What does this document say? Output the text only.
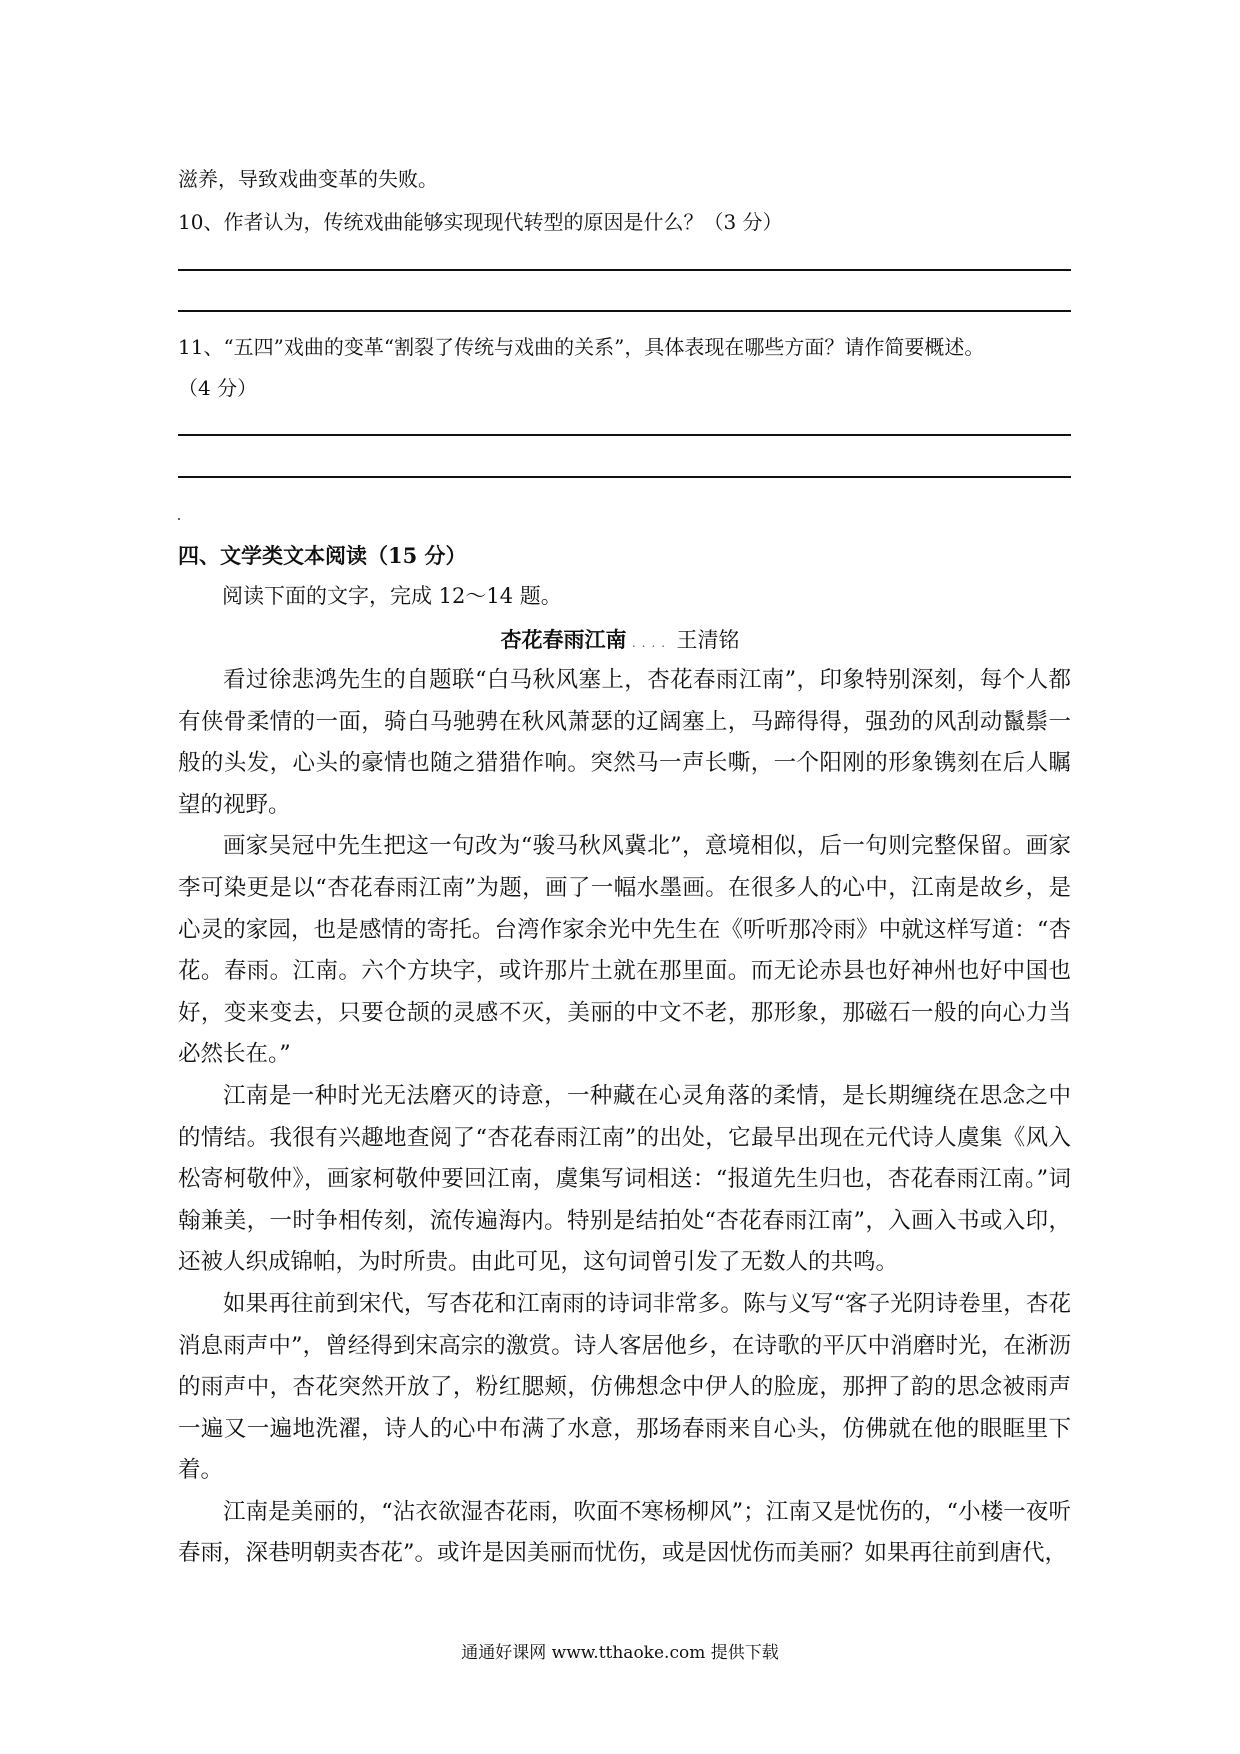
滋养，导致戏曲变革的失败。
10、作者认为，传统戏曲能够实现现代转型的原因是什么？（3 分）
11、“五四”戏曲的变革“割裂了传统与戏曲的关系”，具体表现在哪些方面？请作简要概述。
（4 分）
四、文学类文本阅读（15 分）
阅读下面的文字，完成 12～14 题。
杏花春雨江南 .... 王清铭

看过徐悲鸿先生的自题联“白马秋风塞上，杏花春雨江南”，印象特别深刻，每个人都有侠骨柔情的一面，骑白马驰骋在秋风萧瑟的辽阔塞上，马蹄得得，强劲的风刮动鬣鬃一般的头发，心头的豪情也随之猎猎作响。突然马一声长嘶，一个阳刚的形象镌刻在后人瞩望的视野。

画家吴冠中先生把这一句改为“骏马秋风冀北”，意境相似，后一句则完整保留。画家李可染更是以“杏花春雨江南”为题，画了一幅水墨画。在很多人的心中，江南是故乡，是心灵的家园，也是感情的寄托。台湾作家余光中先生在《听听那冷雨》中就这样写道：“杏花。春雨。江南。六个方块字，或许那片土就在那里面。而无论赤县也好神州也好中国也好，变来变去，只要仓颉的灵感不灭，美丽的中文不老，那形象，那磁石一般的向心力当必然长在。”

江南是一种时光无法磨灭的诗意，一种藏在心灵角落的柔情，是长期缠绕在思念之中的情结。我很有兴趣地查阅了“杏花春雨江南”的出处，它最早出现在元代诗人虞集《风入松寄柯敬仲》，画家柯敬仲要回江南，虞集写词相送：“报道先生归也，杏花春雨江南。”词翰兼美，一时争相传刻，流传遍海内。特别是结拍处“杏花春雨江南”，入画入书或入印，还被人织成锦帕，为时所贵。由此可见，这句词曾引发了无数人的共鸣。

如果再往前到宋代，写杏花和江南雨的诗词非常多。陈与义写“客子光阴诗卷里，杏花消息雨声中”，曾经得到宋高宗的激赏。诗人客居他乡，在诗歌的平仄中消磨时光，在淅沥的雨声中，杏花突然开放了，粉红腮颊，仿佛想念中伊人的脸庞，那押了韵的思念被雨声一遍又一遍地洗濯，诗人的心中布满了水意，那场春雨来自心头，仿佛就在他的眼眶里下着。

江南是美丽的，“沾衣欲湿杏花雨，吹面不寒杨柳风”；江南又是忧伤的，“小楼一夜听春雨，深巷明朝卖杏花”。或许是因美丽而忧伤，或是因忧伤而美丽？如果再往前到唐代，

通通好课网 www.tthaoke.com 提供下载
